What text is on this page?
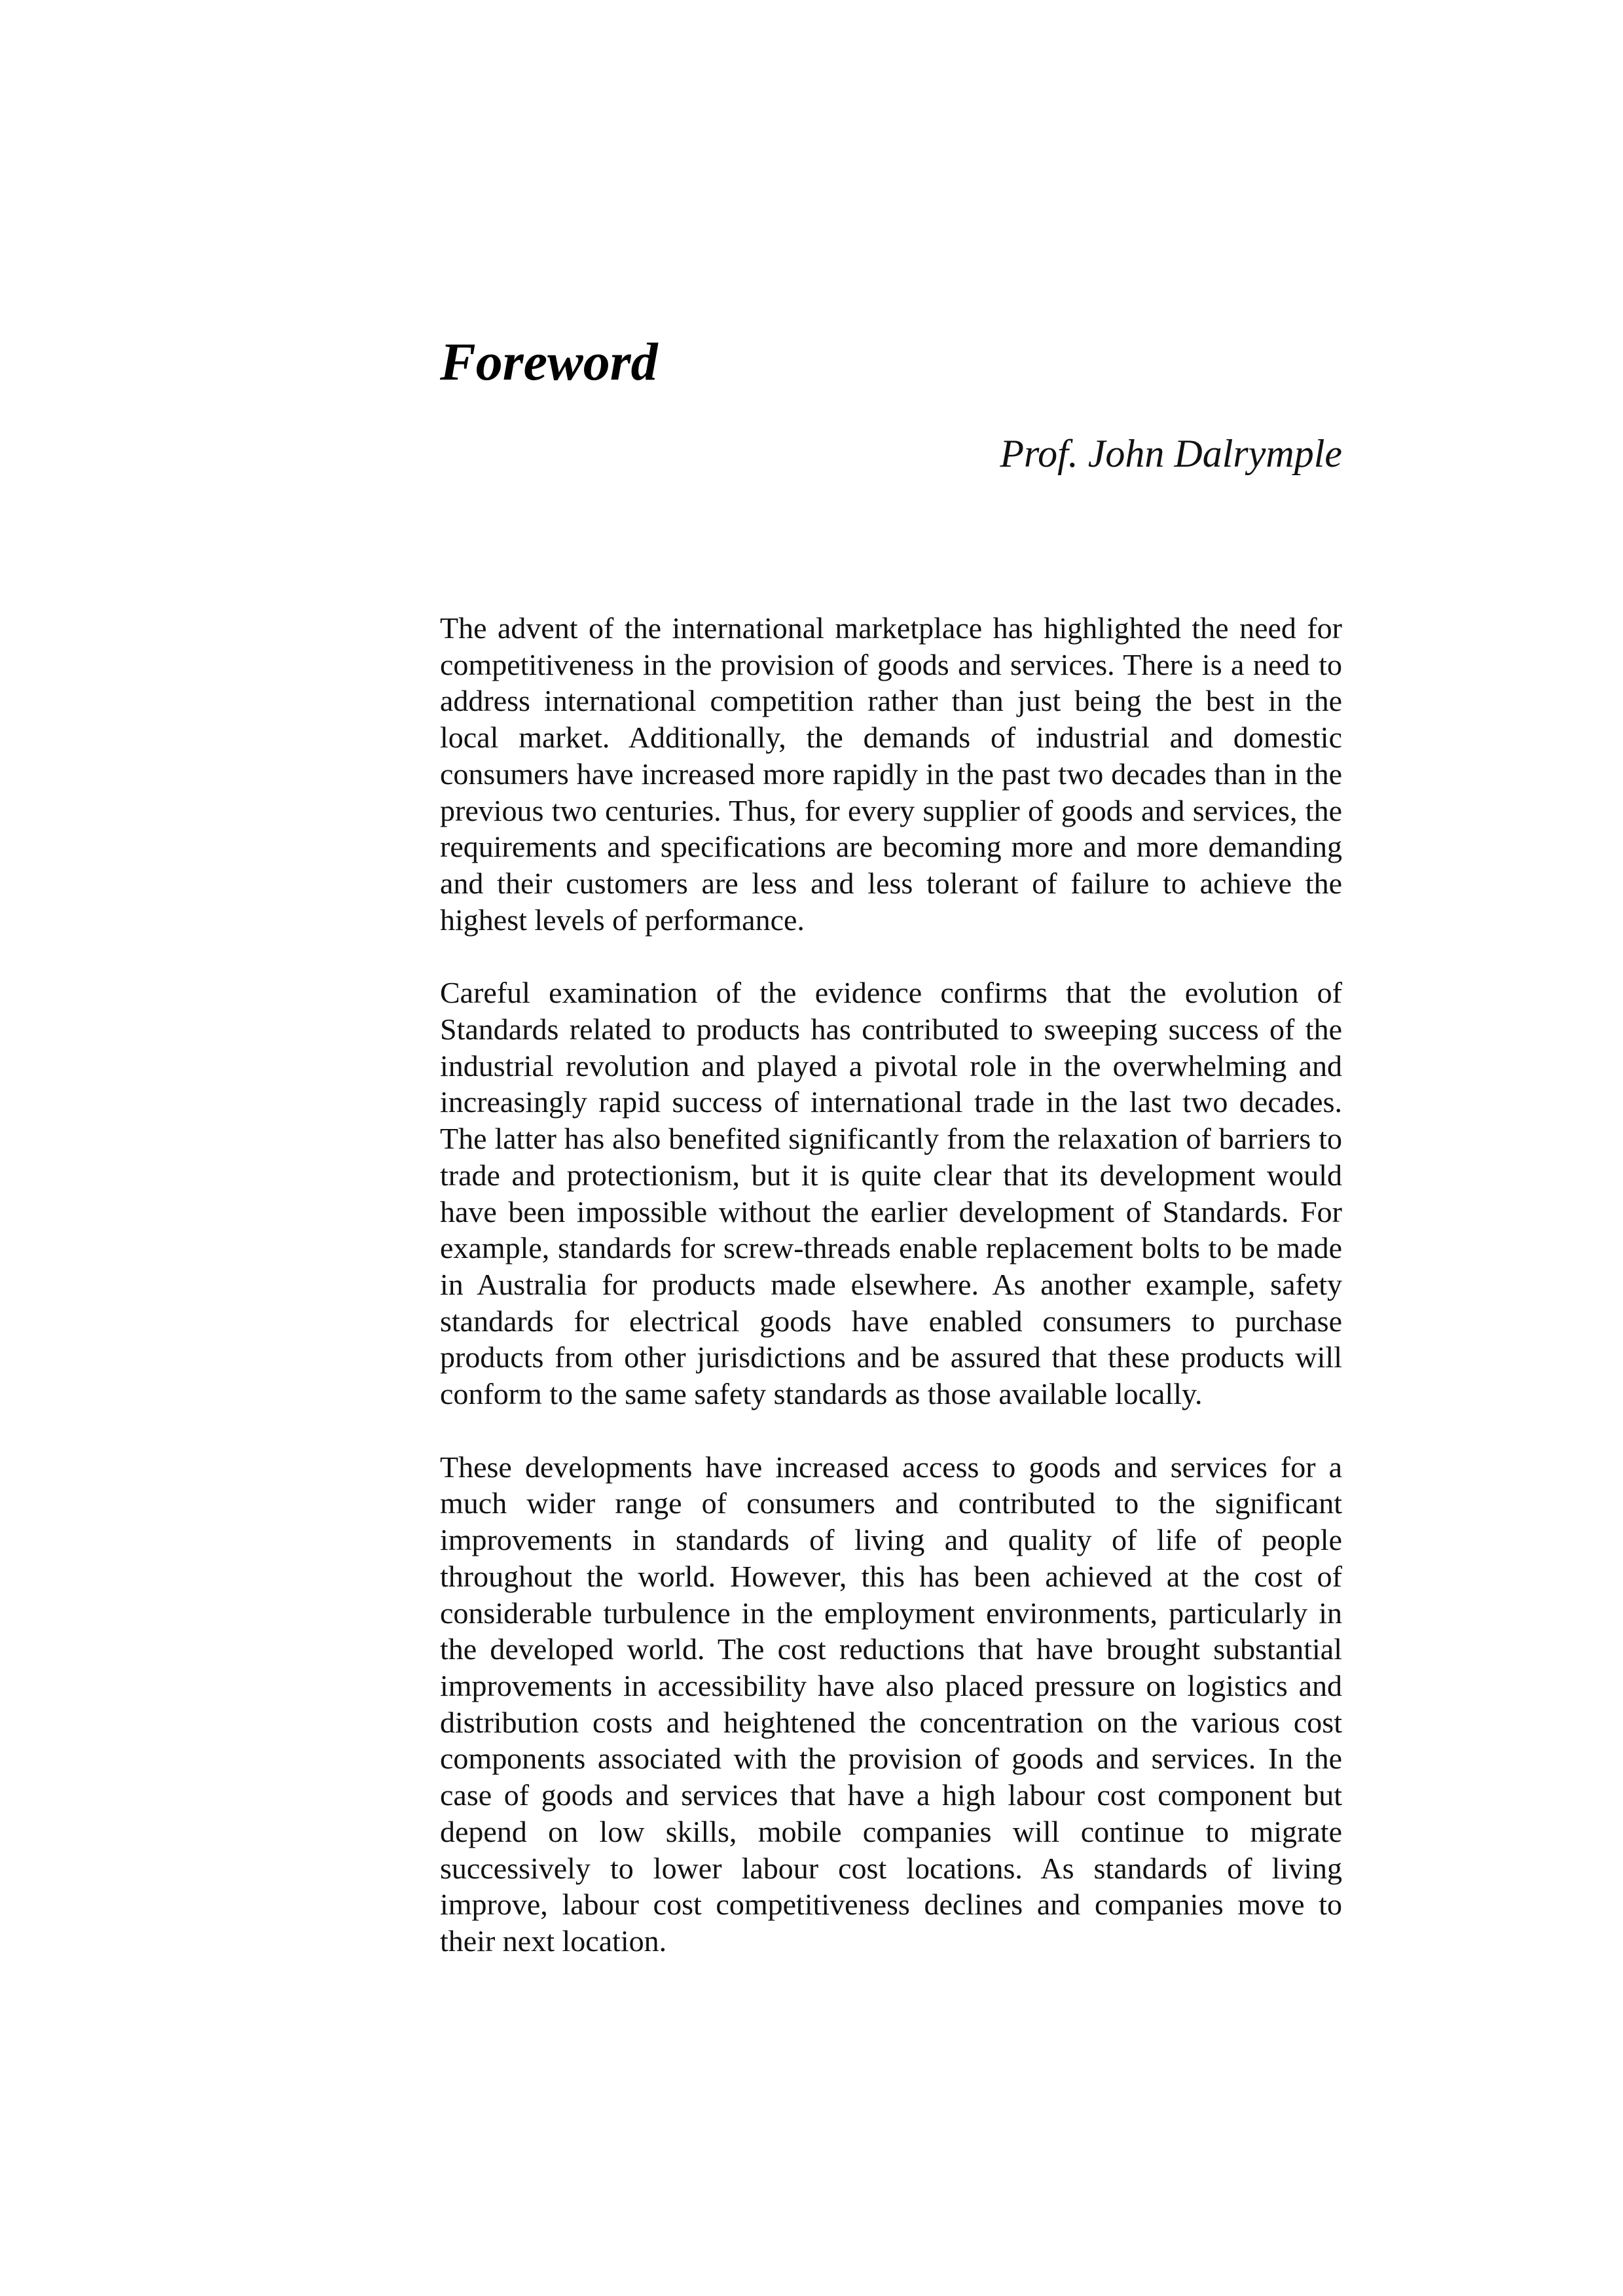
Foreword
Prof. John Dalrymple

The advent of the international marketplace has highlighted the need for competitiveness in the provision of goods and services. There is a need to address international competition rather than just being the best in the local market. Additionally, the demands of industrial and domestic consumers have increased more rapidly in the past two decades than in the previous two centuries. Thus, for every supplier of goods and services, the requirements and specifications are becoming more and more demanding and their customers are less and less tolerant of failure to achieve the highest levels of performance.

Careful examination of the evidence confirms that the evolution of Standards related to products has contributed to sweeping success of the industrial revolution and played a pivotal role in the overwhelming and increasingly rapid success of international trade in the last two decades. The latter has also benefited significantly from the relaxation of barriers to trade and protectionism, but it is quite clear that its development would have been impossible without the earlier development of Standards. For example, standards for screw-threads enable replacement bolts to be made in Australia for products made elsewhere. As another example, safety standards for electrical goods have enabled consumers to purchase products from other jurisdictions and be assured that these products will conform to the same safety standards as those available locally.

These developments have increased access to goods and services for a much wider range of consumers and contributed to the significant improvements in standards of living and quality of life of people throughout the world. However, this has been achieved at the cost of considerable turbulence in the employment environments, particularly in the developed world. The cost reductions that have brought substantial improvements in accessibility have also placed pressure on logistics and distribution costs and heightened the concentration on the various cost components associated with the provision of goods and services. In the case of goods and services that have a high labour cost component but depend on low skills, mobile companies will continue to migrate successively to lower labour cost locations. As standards of living improve, labour cost competitiveness declines and companies move to their next location.
